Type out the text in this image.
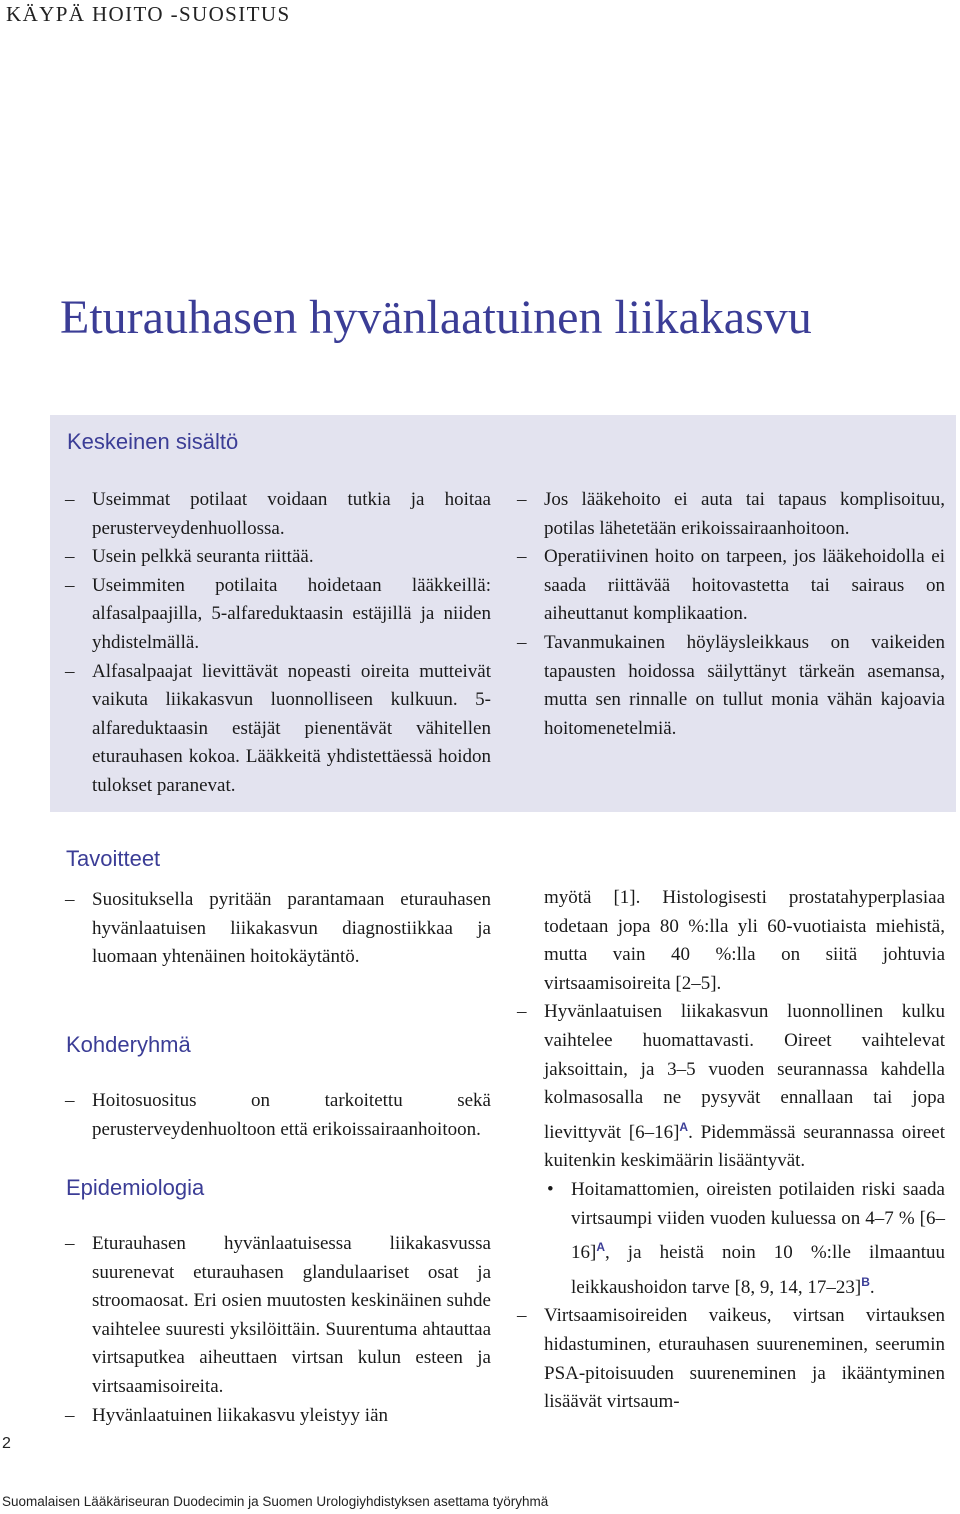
KÄYPÄ HOITO -SUOSITUS
Eturauhasen hyvänlaatuinen liikakasvu
Keskeinen sisältö
– Useimmat potilaat voidaan tutkia ja hoitaa perusterveydenhuollossa.
– Usein pelkkä seuranta riittää.
– Useimmiten potilaita hoidetaan lääkkeillä: alfasalpaajilla, 5-alfareduktaasin estäjillä ja niiden yhdistelmällä.
– Alfasalpaajat lievittävät nopeasti oireita mutteivät vaikuta liikakasvun luonnolliseen kulkuun. 5-alfareduktaasin estäjät pienentävät vähitellen eturauhasen kokoa. Lääkkeitä yhdistettäessä hoidon tulokset paranevat.
– Jos lääkehoito ei auta tai tapaus komplisoituu, potilas lähetetään erikoissairaanhoitoon.
– Operatiivinen hoito on tarpeen, jos lääkehoidolla ei saada riittävää hoitovastetta tai sairaus on aiheuttanut komplikaation.
– Tavanmukainen höyläysleikkaus on vaikeiden tapausten hoidossa säilyttänyt tärkeän asemansa, mutta sen rinnalle on tullut monia vähän kajoavia hoitomenetelmiä.
Tavoitteet
– Suosituksella pyritään parantamaan eturauhasen hyvänlaatuisen liikakasvun diagnostiikkaa ja luomaan yhtenäinen hoitokäytäntö.
Kohderyhmä
– Hoitosuositus on tarkoitettu sekä perusterveydenhuoltoon että erikoissairaanhoitoon.
Epidemiologia
– Eturauhasen hyvänlaatuisessa liikakasvussa suurenevat eturauhasen glandulaariset osat ja stroomaosat. Eri osien muutosten keskinäinen suhde vaihtelee suuresti yksilöittäin. Suurentuma ahtauttaa virtsaputkea aiheuttaen virtsan kulun esteen ja virtsaamisoireita.
– Hyvänlaatuinen liikakasvu yleistyy iän
myötä [1]. Histologisesti prostatahyperplasiaa todetaan jopa 80 %:lla yli 60-vuotiaista miehistä, mutta vain 40 %:lla on siitä johtuvia virtsaamisoireita [2–5].
– Hyvänlaatuisen liikakasvun luonnollinen kulku vaihtelee huomattavasti. Oireet vaihtelevat jaksoittain, ja 3–5 vuoden seurannassa kahdella kolmasosalla ne pysyvät ennallaan tai jopa lievittyvät $[6-16]^A$. Pidemmässä seurannassa oireet kuitenkin keskimäärin lisääntyvät.
• Hoitamattomien, oireisten potilaiden riski saada virtsaumpi viiden vuoden kuluessa on 4–7 % $[6-16]^A$, ja heistä noin 10 %:lle ilmaantuu leikkaushoidon tarve [8, 9, 14, 17–23]$^B$.
– Virtsaamisoireiden vaikeus, virtsan virtauksen hidastuminen, eturauhasen suureneminen, seerumin PSA-pitoisuuden suureneminen ja ikääntyminen lisäävät virtsaum-
2
Suomalaisen Lääkäriseuran Duodecimin ja Suomen Urologiyhdistyksen asettama työryhmä
